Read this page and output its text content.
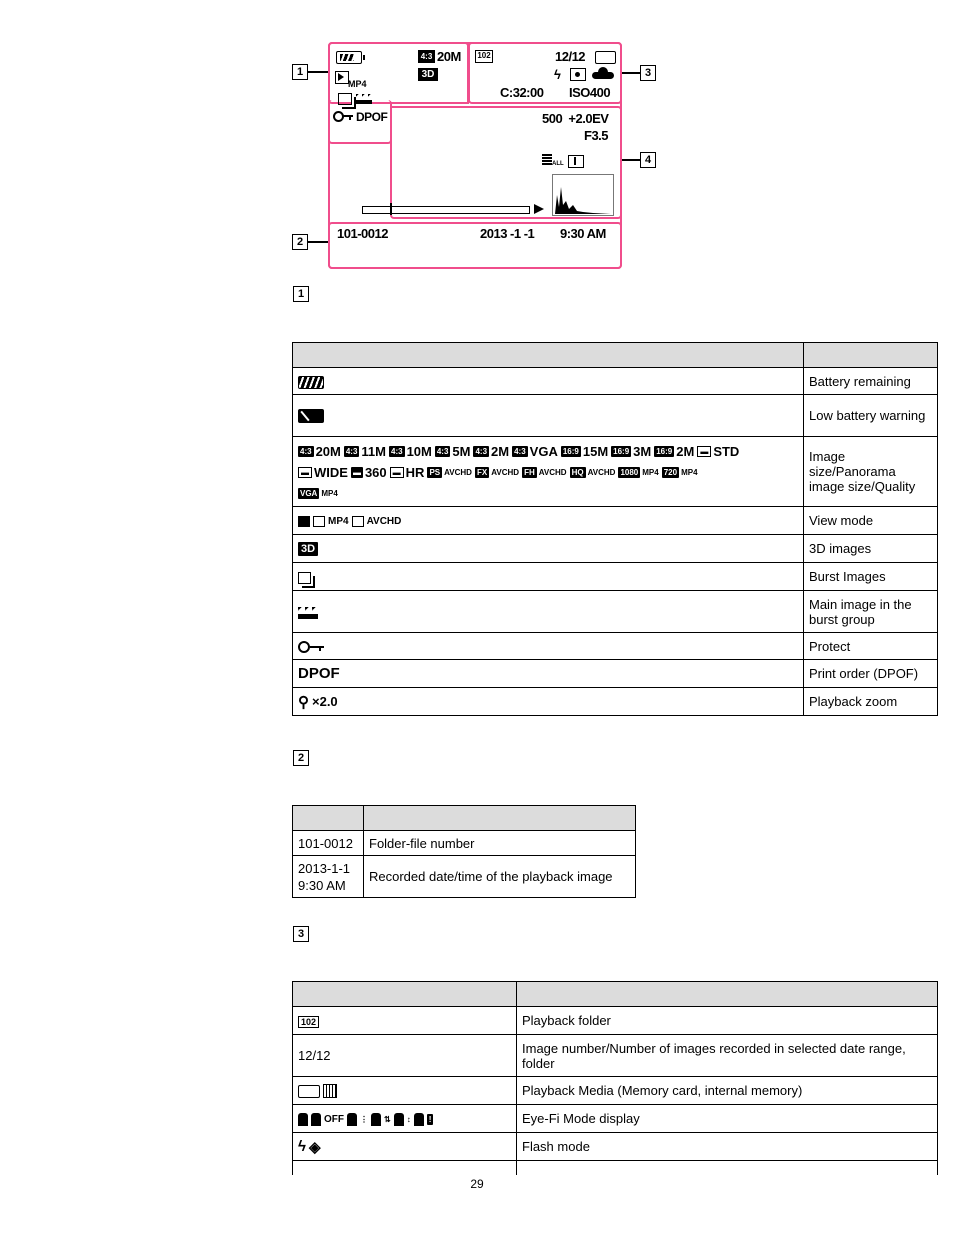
1	3
4
2
4:3 20M
MP4
3D
DPOF
102	12/12
ϟ
C:32:00 ISO400
500  +2.0EV
F3.5
ALL
101-0012	2013 -1 -1 9:30 AM
1

	Battery remaining

	Low battery warning
4:3 20M 4:3 11M 4:3 10M 4:3 5M 4:3 2M 4:3 VGA 16:9 15M 16:9 3M 16:9 2M ▬ STD
▬ WIDE ▬ 360 ▬ HR PS AVCHD FX AVCHD FH AVCHD HQ AVCHD 1080 MP4 720 MP4
VGA MP4	Image size/Panorama image size/Quality
MP4 AVCHD	View mode
3D	3D images
	Burst Images
	Main image in the burst group

	Protect
DPOF	Print order (DPOF)
⚲ ×2.0	Playback zoom
2

101-0012	Folder-file number
2013-1-1
9:30 AM	Recorded date/time of the playback image
3

102	Playback folder
12/12	Image number/Number of images recorded in selected date range, folder
	Playback Media (Memory card, internal memory)
OFF ⋮ ⇅ ↕ !	Eye-Fi Mode display
ϟ ◈	Flash mode

29
